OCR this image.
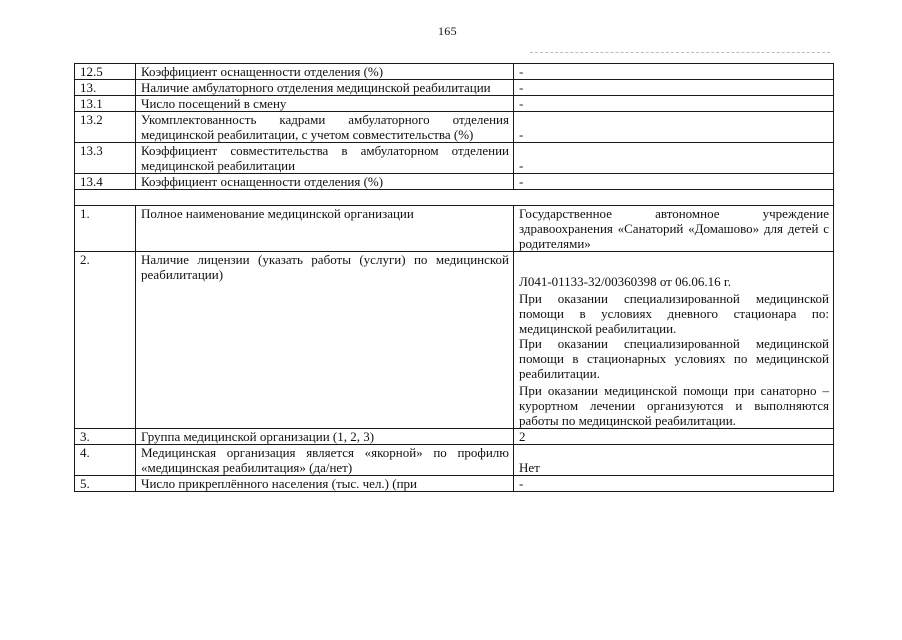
165
12.5	Коэффициент оснащенности отделения (%)	-
13.	Наличие амбулаторного отделения медицинской реабилитации	-
13.1	Число посещений в смену	-
13.2	Укомплектованность кадрами амбулаторного отделения медицинской реабилитации, с учетом совместительства (%)	-
13.3	Коэффициент совместительства в амбулаторном отделении медицинской реабилитации	-
13.4	Коэффициент оснащенности отделения (%)	-

1.	Полное наименование медицинской организации	Государственное автономное учреждение здравоохранения «Санаторий «Домашово» для детей с родителями»
2.	Наличие лицензии (указать работы (услуги) по медицинской реабилитации)	Л041-01133-32/00360398 от 06.06.16 г.

При оказании специализированной медицинской помощи в условиях дневного стационара по: медицинской реабилитации.

При оказании специализированной медицинской помощи в стационарных условиях по медицинской реабилитации.

При оказании медицинской помощи при санаторно – курортном лечении организуются и выполняются работы по медицинской реабилитации.

3.	Группа медицинской организации (1, 2, 3)	2
4.	Медицинская организация является «якорной» по профилю «медицинская реабилитация» (да/нет)	Нет
5.	Число прикреплённого населения (тыс. чел.) (при	-
